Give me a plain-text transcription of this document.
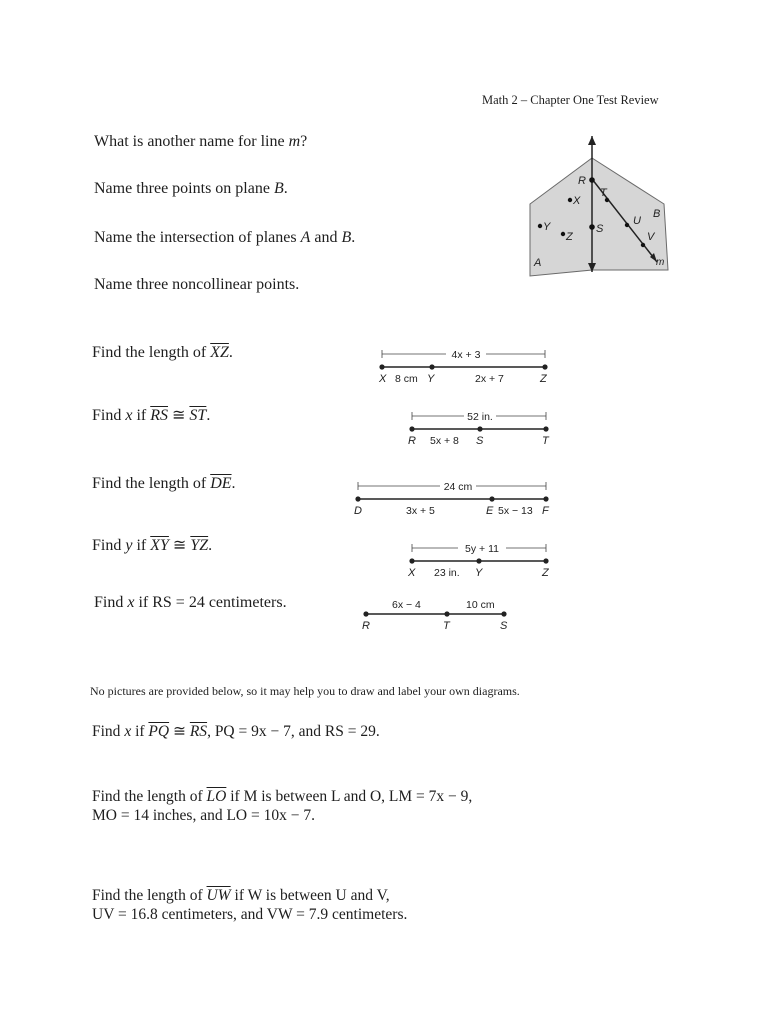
Math 2 – Chapter One Test Review
What is another name for line m?
Name three points on plane B.
Name the intersection of planes A and B.
Name three noncollinear points.
R
X
T
U
B
Y
Z
S
V
A	m
Find the length of $\overline{XZ}$.	4x + 3
X 8 cm Y	2x + 7	Z
Find x if $\overline{RS}$ ≅ $\overline{ST}$.	52 in.
R 5x + 8 S	T
Find the length of $\overline{DE}$.	24 cm
D	3x + 5	E 5x − 13 F
Find y if $\overline{XY}$ ≅ $\overline{YZ}$.	5y + 11
X 23 in. Y	Z
Find x if RS = 24 centimeters.	6x − 4	10 cm
R	T	S
No pictures are provided below, so it may help you to draw and label your own diagrams.
Find x if $\overline{PQ}$ ≅ $\overline{RS}$, PQ = 9x − 7, and RS = 29.
Find the length of $\overline{LO}$ if M is between L and O, LM = 7x − 9,
MO = 14 inches, and LO = 10x − 7.
Find the length of $\overline{UW}$ if W is between U and V,
UV = 16.8 centimeters, and VW = 7.9 centimeters.
